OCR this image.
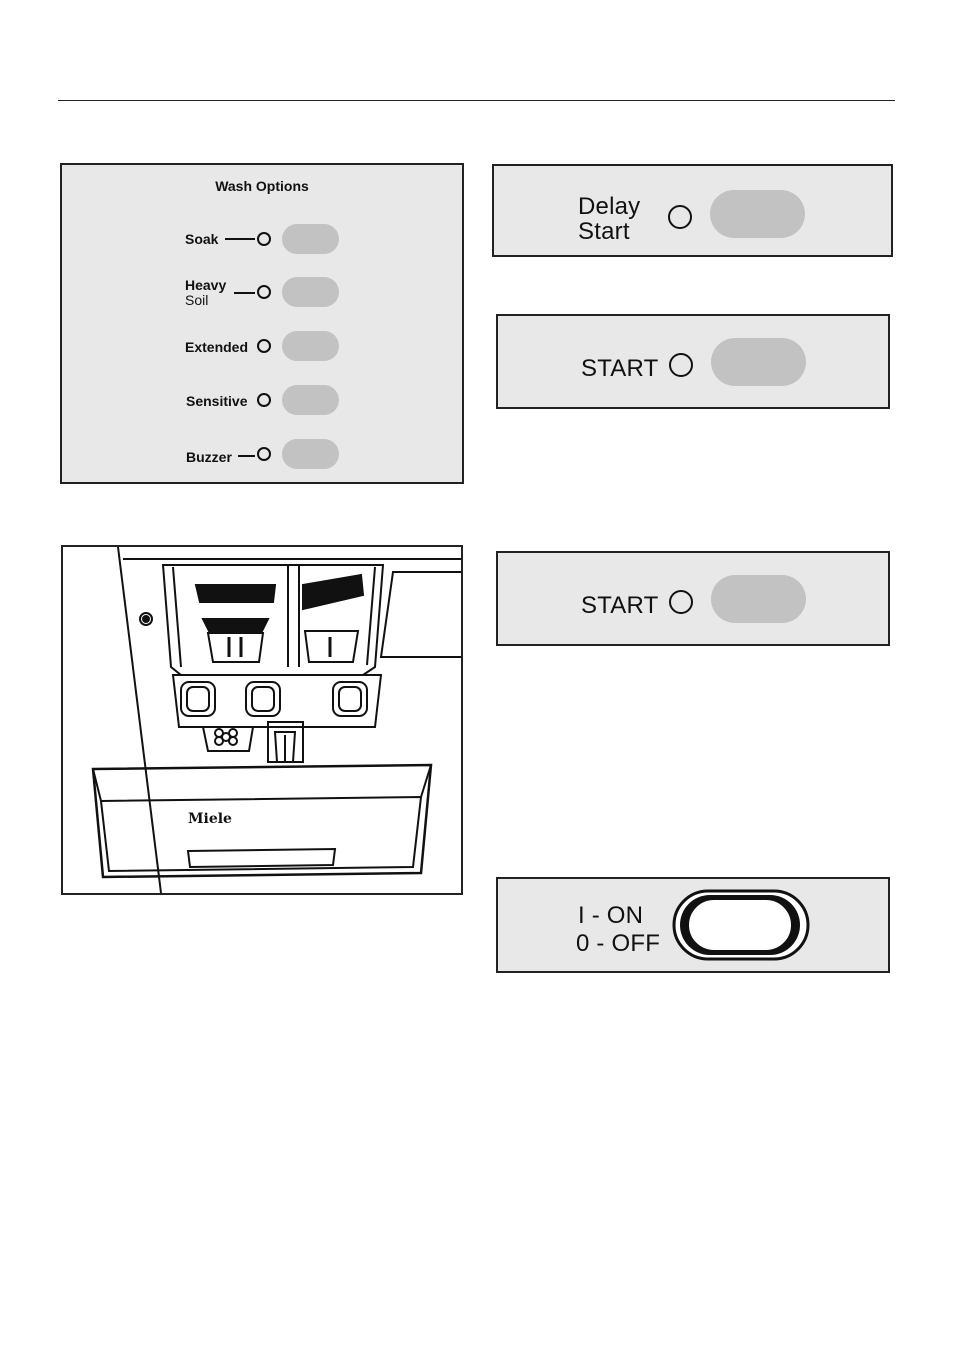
Wash Options
Soak
Heavy
Soil
Extended
Sensitive
Buzzer
Delay
Start
START
Miele
START
I - ON
0 - OFF
